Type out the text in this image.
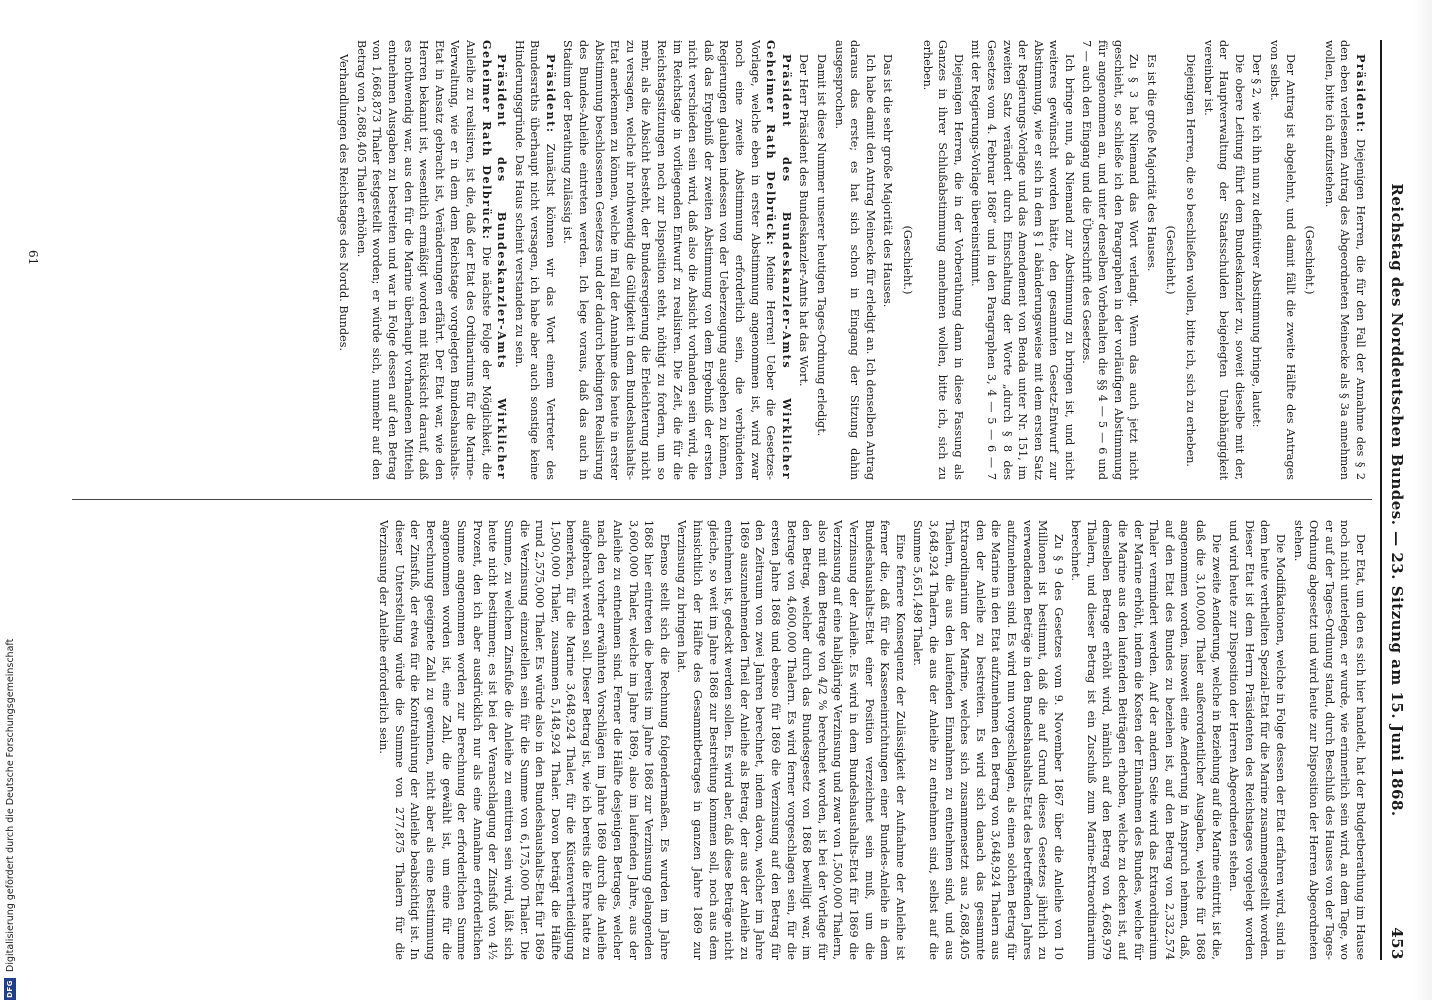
Reichstag des Norddeutschen Bundes. — 23. Sitzung am 15. Juni 1868.
453

Präsident: Diejenigen Herren, die für den Fall der Annahme des § 2 den eben verlesenen Antrag des Abgeordneten Meinecke als § 3a annehmen wollen, bitte ich aufzustehen.

(Geschieht.)

Der Antrag ist abgelehnt, und damit fällt die zweite Hälfte des Antrages von selbst.

Der § 2, wie ich ihn nun zu definitiver Abstimmung bringe, lautet:

Die obere Leitung führt dem Bundeskanzler zu, soweit dieselbe mit der, der Hauptverwaltung der Staatsschulden beigelegten Unabhängigkeit vereinbar ist.

Diejenigen Herren, die so beschließen wollen, bitte ich, sich zu erheben.

(Geschieht.)

Es ist die große Majorität des Hauses.

Zu § 3 hat Niemand das Wort verlangt. Wenn das auch jetzt nicht geschieht, so schließe ich den Paragraphen in der vorläufigen Abstimmung für angenommen an, und unter denselben Vorbehalten die §§ 4 — 5 — 6 und 7 — auch den Eingang und die Überschrift des Gesetzes.

Ich bringe nun, da Niemand zur Abstimmung zu bringen ist, und nicht weiteres gewünscht worden hätte, den gesammten Gesetz-Entwurf zur Abstimmung, wie er sich in dem § 1 abänderungsweise mit dem ersten Satz der Regierungs-Vorlage und das Amendement von Benda unter Nr. 151, im zweiten Satz verändert durch Einschaltung der Worte „durch § 8 des Gesetzes vom 4. Februar 1868“ und in den Paragraphen 3, 4 — 5 — 6 — 7 mit der Regierungs-Vorlage übereinstimmt.

Diejenigen Herren, die in der Vorberathung dann in diese Fassung als Ganzes in ihrer Schlußabstimmung annehmen wollen, bitte ich, sich zu erheben.

(Geschieht.)

Das ist die sehr große Majorität des Hauses.

Ich habe damit den Antrag Meinecke für erledigt an. Ich denselben Antrag daraus das erste; es hat sich schon in Eingang der Sitzung dahin ausgesprochen.

Damit ist diese Nummer unserer heutigen Tages-Ordnung erledigt.

Der Herr Präsident des Bundeskanzler-Amts hat das Wort.

Präsident des Bundeskanzler-Amts Wirklicher Geheimer Rath Delbrück: Meine Herren! Ueber die Gesetzes-Vorlage, welche eben in erster Abstimmung angenommen ist, wird zwar noch eine zweite Abstimmung erforderlich sein, die verbündeten Regierungen glauben indessen von der Ueberzeugung ausgehen zu können, daß das Ergebniß der zweiten Abstimmung von dem Ergebniß der ersten nicht verschieden sein wird, daß also die Absicht vorhanden sein wird, die im Reichstage in vorliegenden Entwurf zu realisiren. Die Zeit, die für die Reichstagssitzungen noch zur Disposition steht, nöthigt zu fordern, um so mehr, als die Absicht besteht, der Bundesregierung die Erleichterung nicht zu versagen, welche ihr nothwendig die Gültigkeit in dem Bundeshaushalts-Etat anerkennen zu können, welche im Fall der Annahme des heute in erster Abstimmung beschlossenen Gesetzes und der dadurch bedingten Realisirung des Bundes-Anleihe eintreten werden. Ich lege voraus, daß das auch in Stadium der Berathung zulässig ist.

Präsident: Zunächst können wir das Wort einem Vertreter des Bundesraths überhaupt nicht versagen, ich habe aber auch sonstige keine Hinderungsgründe. Das Haus scheint verstanden zu sein.

Präsident des Bundeskanzler-Amts Wirklicher Geheimer Rath Delbrück: Die nächste Folge der Möglichkeit, die Anleihe zu realisiren, ist die, daß der Etat des Ordinariums für die Marine-Verwaltung, wie er in dem dem Reichstage vorgelegten Bundeshaushalts-Etat in Ansatz gebracht ist, Veränderungen erfährt. Der Etat war, wie den Herren bekannt ist, wesentlich ermäßigt worden mit Rücksicht darauf, daß es nothwendig war, aus den für die Marine überhaupt vorhandenen Mitteln entnehmen Ausgaben zu bestreiten und war in Folge dessen auf den Betrag von 1,668,873 Thaler festgestellt worden; er würde sich, nunmehr auf den Betrag von 2,688,405 Thaler erhöhen.

Verhandlungen des Reichstages des Nordd. Bundes.

Der Etat, um den es sich hier handelt, hat der Budgetberathung im Hause noch nicht unterlegen, er wurde, wie erinnerlich sein wird, an dem Tage, wo er auf der Tages-Ordnung stand, durch Beschluß des Hauses von der Tages-Ordnung abgesetzt und wird heute zur Disposition der Herren Abgeordneten stehen.

Die Modifikationen, welche in Folge dessen der Etat erfahren wird, sind in dem heute vertheilten Spezial-Etat für die Marine zusammengestellt worden. Dieser Etat ist dem Herrn Präsidenten des Reichstages vorgelegt worden und wird heute zur Disposition der Herren Abgeordneten stehen.

Die zweite Aenderung, welche in Beziehung auf die Marine eintritt, ist die, daß die 3,100,000 Thaler außerordentlicher Ausgaben, welche für 1868 angenommen worden, insoweit eine Aenderung in Anspruch nehmen, daß, auf den Etat des Bundes zu beziehen ist, auf den Betrag von 2,332,574 Thaler vermindert werden. Auf der andern Seite wird das Extraordinarium der Marine erhöht, indem die Kosten der Einnahmen des Bundes, welche für die Marine aus den laufenden Beiträgen erhoben, welche zu decken ist, auf demselben Betrage erhöht wird, nämlich auf den Betrag von 4,668,979 Thalern, und dieser Betrag ist ein Zuschuß zum Marine-Extraordinarium berechnet.

Zu § 9 des Gesetzes vom 9. November 1867 über die Anleihe von 10 Millionen ist bestimmt, daß die auf Grund dieses Gesetzes jährlich zu verwendenden Beträge in den Bundeshaushalts-Etat des betreffenden Jahres aufzunehmen sind. Es wird nun vorgeschlagen, als einen solchen Betrag für die Marine in den Etat aufzunehmen den Betrag von 3,648,924 Thalern aus den der Anleihe zu bestreiten. Es wird sich danach das gesammte Extraordinarium der Marine, welches sich zusammensetzt aus 2,688,405 Thalern, die aus den laufenden Einnahmen zu entnehmen sind, und aus 3,648,924 Thalern, die aus der Anleihe zu entnehmen sind, selbst auf die Summe 5,651,498 Thaler.

Eine fernere Konsequenz der Zulässigkeit der Aufnahme der Anleihe ist ferner die, daß für die Kasseneinrichtungen einer Bundes-Anleihe in dem Bundeshaushalts-Etat einer Position verzeichnet sein muß, um die Verzinsung der Anleihe. Es wird in dem Bundeshaushalts-Etat für 1869 die Verzinsung auf eine halbjährige Verzinsung und zwar von 1,500,000 Thalern, also mit dem Betrage von 4/2 % berechnet worden, ist bei der Vorlage für den Betrag, welcher durch das Bundesgesetz von 1868 bewilligt war, im Betrage von 4,600,000 Thalern. Es wird ferner vorgeschlagen sein, für die ersten Jahre 1868 und ebenso für 1869 die Verzinsung auf den Betrag für den Zeitraum von zwei Jahren berechnet, indem davon, welcher im Jahre 1869 auszunehmenden Theil der Anleihe als Betrag, der aus der Anleihe zu entnehmen ist, gedeckt werden sollen. Es wird aber, daß diese Beträge nicht gleiche, so weit im Jahre 1868 zur Bestreitung kommen soll, noch aus dem hinsichtlich der Hälfte des Gesammtbetrages in ganzen Jahre 1869 zur Verzinsung zu bringen hat.

Ebenso stellt sich die Rechnung folgendermaßen. Es wurden im Jahre 1868 hier eintreten die bereits im Jahre 1868 zur Verzinsung gelangenden 3,600,000 Thaler, welche im Jahre 1869, also im laufenden Jahre, aus der Anleihe zu entnehmen sind. Ferner die Hälfte desjenigen Betrages, welcher nach den vorher erwähnten Vorschlägen im Jahre 1869 durch die Anleihe aufgebracht werden soll. Dieser Betrag ist, wie ich bereits die Ehre hatte zu bemerken, für die Marine 3,648,924 Thaler, für die Küstenvertheidigung 1,500,000 Thaler, zusammen 5,148,924 Thaler. Davon beträgt die Hälfte rund 2,575,000 Thaler. Es würde also in den Bundeshaushalts-Etat für 1869 die Verzinsung einzustellen sein für die Summe von 6,175,000 Thaler. Die Summe, zu welchem Zinsfuße die Anleihe zu emittiren sein wird, läßt sich heute nicht bestimmen; es ist bei der Veranschlagung der Zinsfuß von 4½ Prozent, den ich aber ausdrücklich nur als eine Annahme erforderlichen Summe angenommen worden zur Berechnung der erforderlichen Summe angenommen worden ist, eine Zahl, die gewählt ist, um eine für die Berechnung geeignete Zahl zu gewinnen, nicht aber als eine Bestimmung der Zinsfuß, der etwa für die Kontrahirung der Anleihe beabsichtigt ist. In dieser Unterstellung würde die Summe von 277,875 Thalern für die Verzinsung der Anleihe erforderlich sein.

61
DFG
Digitalisierung gefördert durch die Deutsche Forschungsgemeinschaft
